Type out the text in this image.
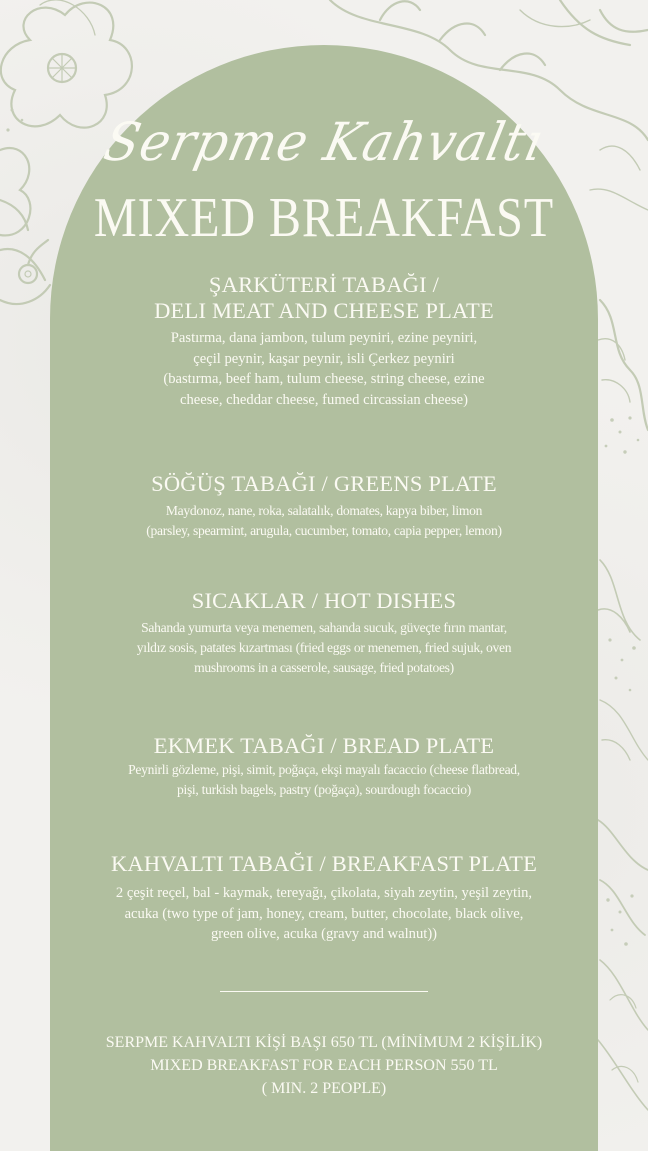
Serpme Kahvaltı
MIXED BREAKFAST
ŞARKÜTERİ TABAĞI /
DELI MEAT AND CHEESE PLATE
Pastırma, dana jambon, tulum peyniri, ezine peyniri,
çeçil peynir, kaşar peynir, isli Çerkez peyniri
(bastırma, beef ham, tulum cheese, string cheese, ezine
cheese, cheddar cheese, fumed circassian cheese)
SÖĞÜŞ TABAĞI / GREENS PLATE
Maydonoz, nane, roka, salatalık, domates, kapya biber, limon
(parsley, spearmint, arugula, cucumber, tomato, capia pepper, lemon)
SICAKLAR / HOT DISHES
Sahanda yumurta veya menemen, sahanda sucuk, güveçte fırın mantar,
yıldız sosis, patates kızartması (fried eggs or menemen, fried sujuk, oven
mushrooms in a casserole, sausage, fried potatoes)
EKMEK TABAĞI / BREAD PLATE
Peynirli gözleme, pişi, simit, poğaça, ekşi mayalı facaccio (cheese flatbread,
pişi, turkish bagels, pastry (poğaça), sourdough focaccio)
KAHVALTI TABAĞI / BREAKFAST PLATE
2 çeşit reçel, bal - kaymak, tereyağı, çikolata, siyah zeytin, yeşil zeytin,
acuka (two type of jam, honey, cream, butter, chocolate, black olive,
green olive, acuka (gravy and walnut))
SERPME KAHVALTI KİŞİ BAŞI 650 TL (MİNİMUM 2 KİŞİLİK)
MIXED BREAKFAST FOR EACH PERSON 550 TL
( MIN. 2 PEOPLE)
